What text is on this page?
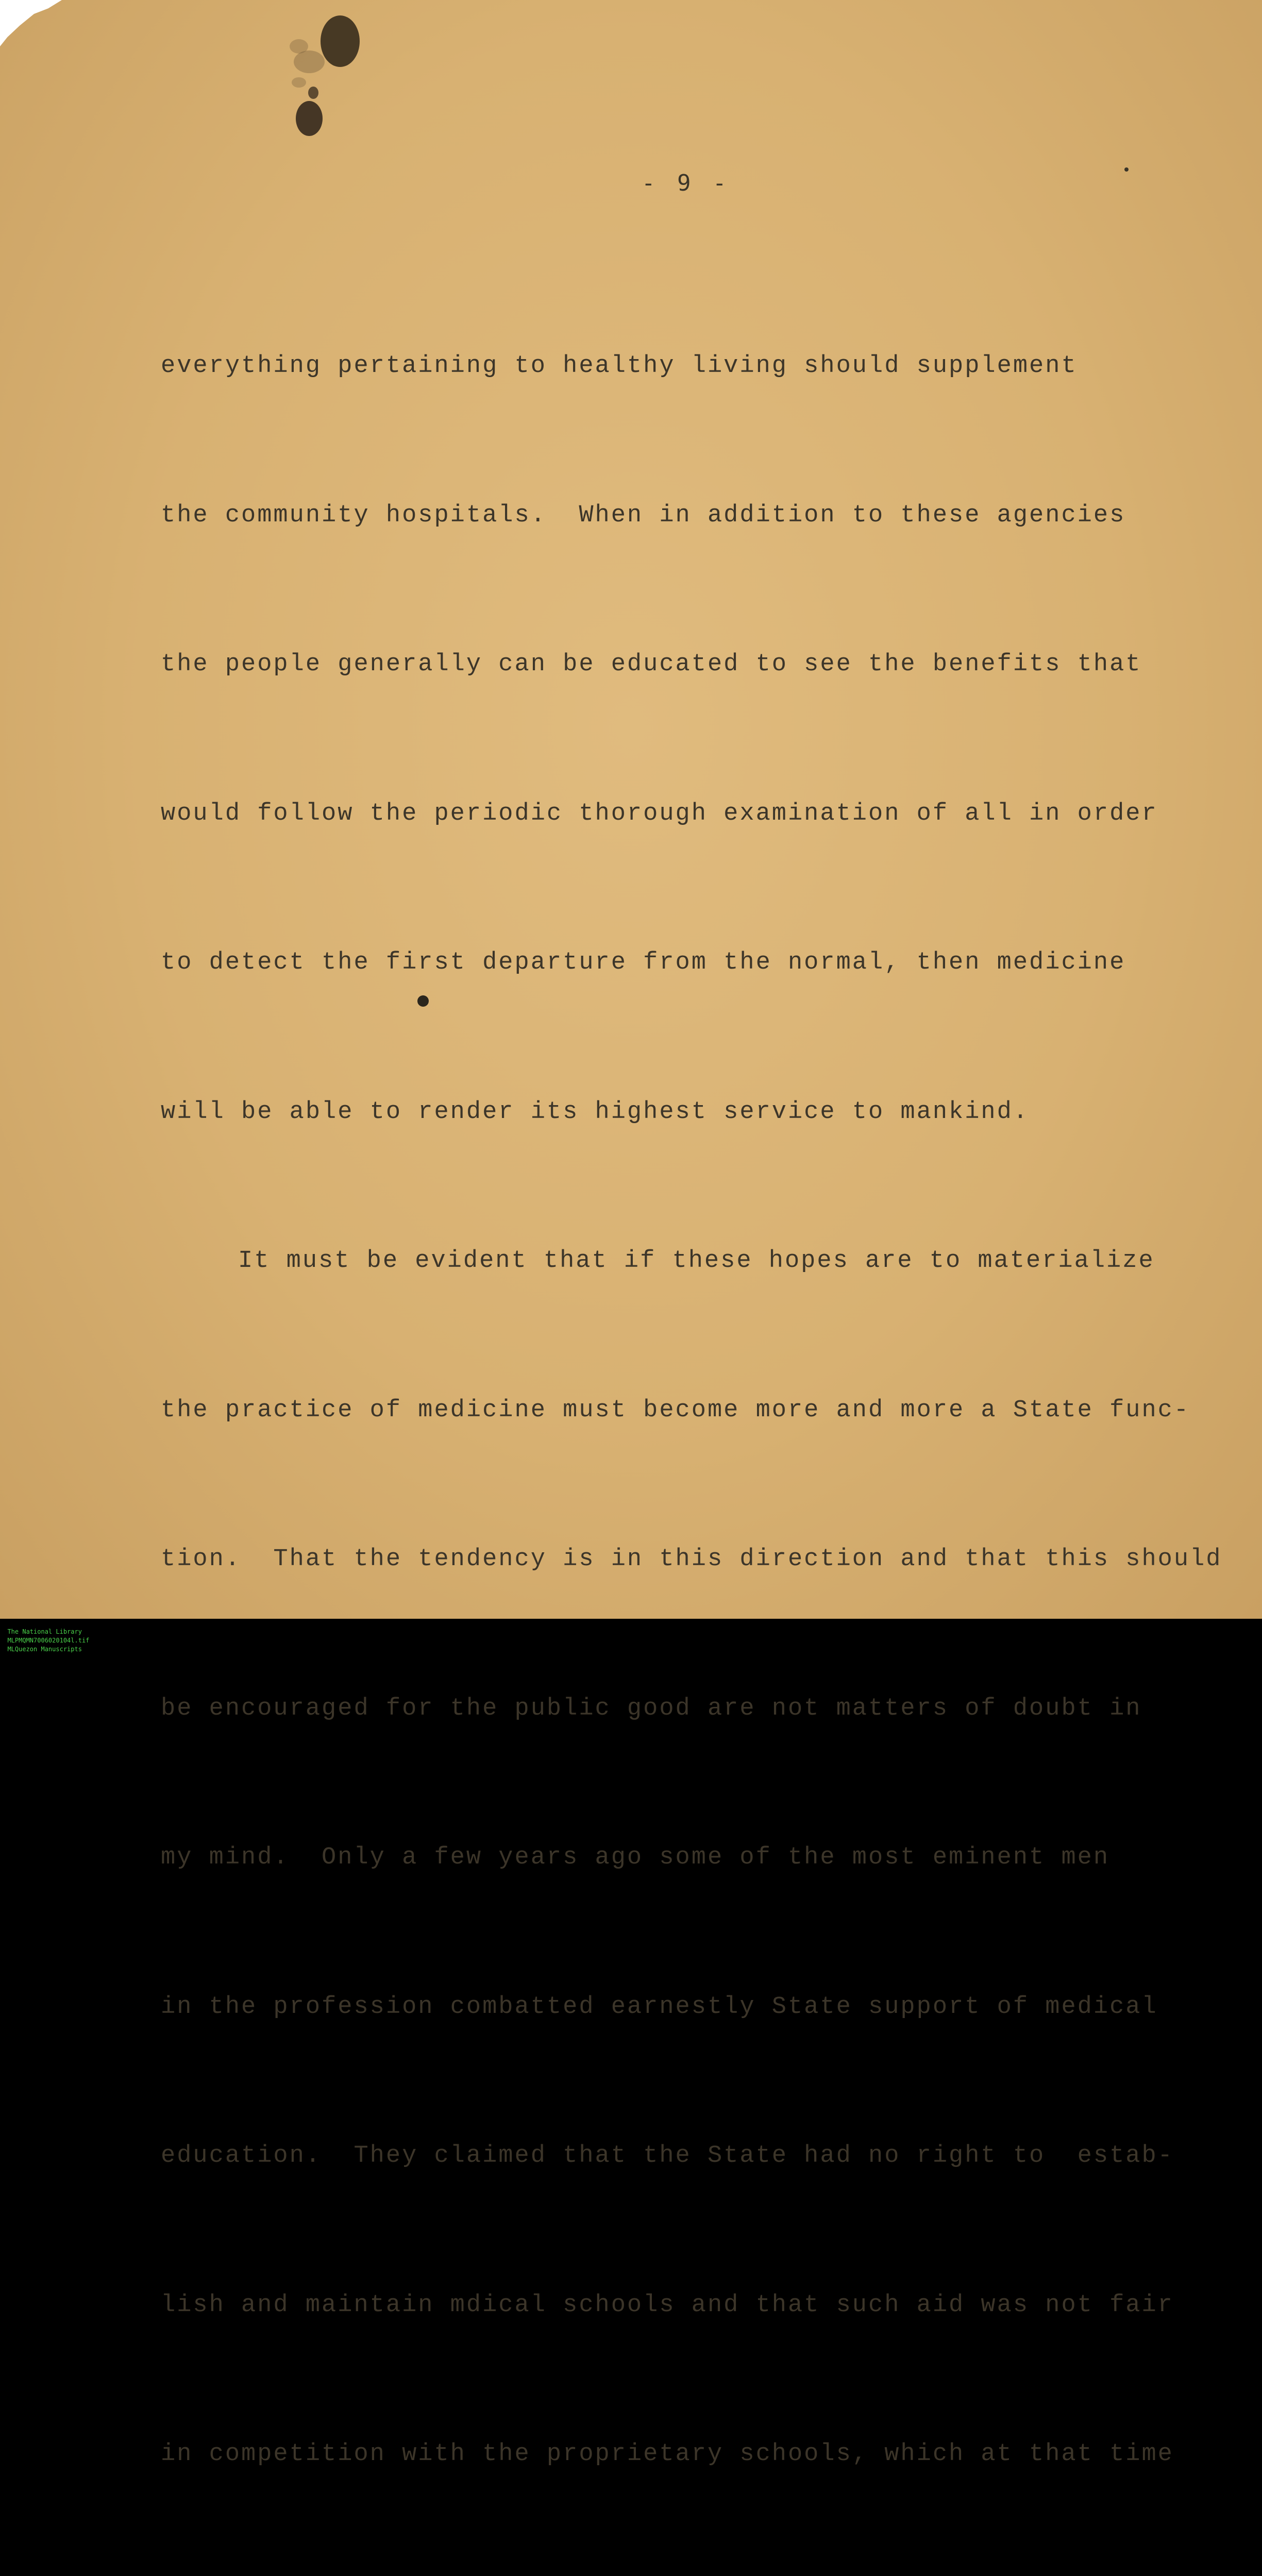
- 9 -

everything pertaining to healthy living should supplement

the community hospitals.  When in addition to these agencies

the people generally can be educated to see the benefits that

would follow the periodic thorough examination of all in order

to detect the first departure from the normal, then medicine

will be able to render its highest service to mankind.

It must be evident that if these hopes are to materialize

the practice of medicine must become more and more a State func-

tion.  That the tendency is in this direction and that this should

be encouraged for the public good are not matters of doubt in

my mind.  Only a few years ago some of the most eminent men

in the profession combatted earnestly State support of medical

education.  They claimed that the State had no right to  estab-

lish and maintain mdical schools and that such aid was not fair

in competition with the proprietary schools, which at that time

The National Library
MLPMQMN7006020104l.tif
MLQuezon Manuscripts
